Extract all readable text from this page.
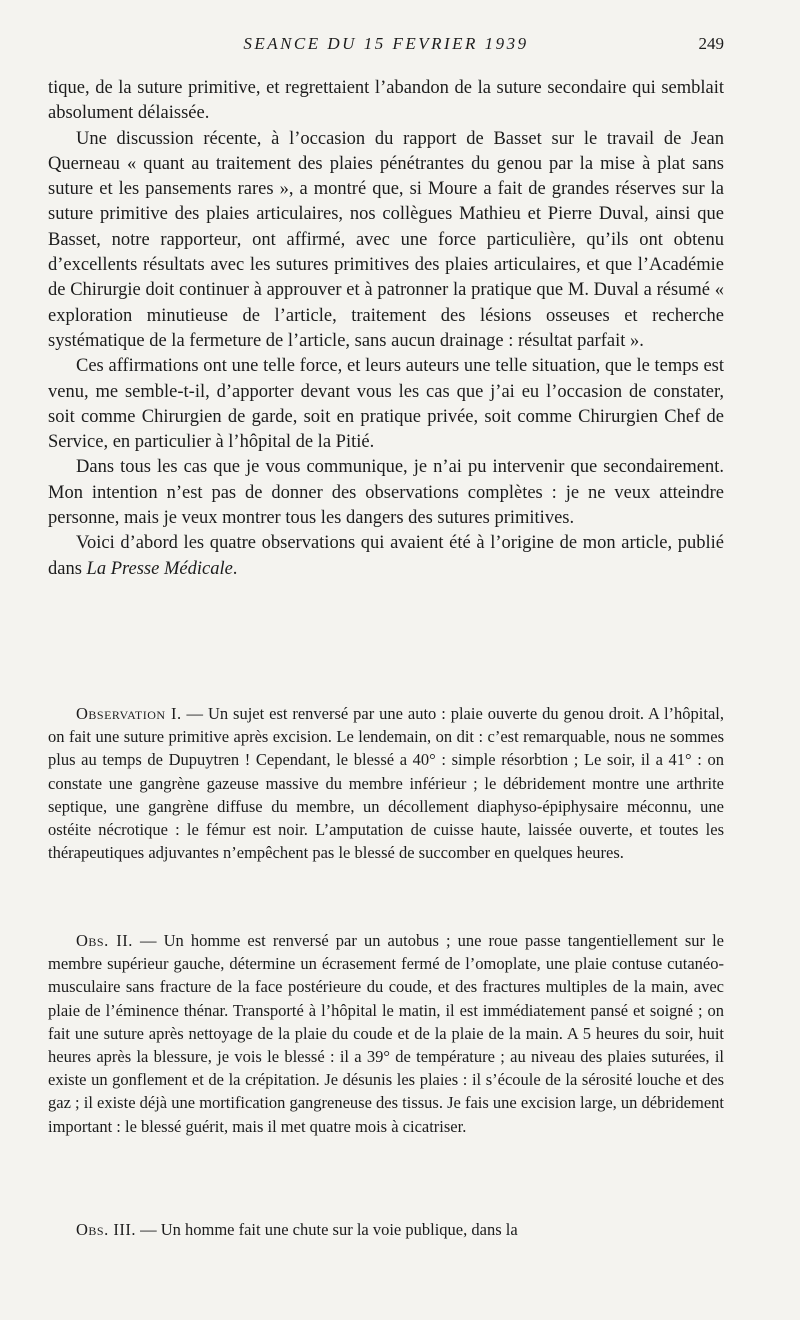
SEANCE DU 15 FEVRIER 1939	249

tique, de la suture primitive, et regrettaient l’abandon de la suture secondaire qui semblait absolument délaissée.

Une discussion récente, à l’occasion du rapport de Basset sur le travail de Jean Querneau « quant au traitement des plaies pénétrantes du genou par la mise à plat sans suture et les pansements rares », a montré que, si Moure a fait de grandes réserves sur la suture primitive des plaies articulaires, nos collègues Mathieu et Pierre Duval, ainsi que Basset, notre rapporteur, ont affirmé, avec une force particulière, qu’ils ont obtenu d’excellents résultats avec les sutures primitives des plaies articulaires, et que l’Académie de Chirurgie doit continuer à approuver et à patronner la pratique que M. Duval a résumé « exploration minutieuse de l’article, traitement des lésions osseuses et recherche systématique de la fermeture de l’article, sans aucun drainage : résultat parfait ».

Ces affirmations ont une telle force, et leurs auteurs une telle situation, que le temps est venu, me semble-t-il, d’apporter devant vous les cas que j’ai eu l’occasion de constater, soit comme Chirurgien de garde, soit en pratique privée, soit comme Chirurgien Chef de Service, en particulier à l’hôpital de la Pitié.

Dans tous les cas que je vous communique, je n’ai pu intervenir que secondairement. Mon intention n’est pas de donner des observations complètes : je ne veux atteindre personne, mais je veux montrer tous les dangers des sutures primitives.

Voici d’abord les quatre observations qui avaient été à l’origine de mon article, publié dans La Presse Médicale.

Observation I. — Un sujet est renversé par une auto : plaie ouverte du genou droit. A l’hôpital, on fait une suture primitive après excision. Le lendemain, on dit : c’est remarquable, nous ne sommes plus au temps de Dupuytren ! Cependant, le blessé a 40° : simple résorbtion ; Le soir, il a 41° : on constate une gangrène gazeuse massive du membre inférieur ; le débridement montre une arthrite septique, une gangrène diffuse du membre, un décollement diaphyso-épiphysaire méconnu, une ostéite nécrotique : le fémur est noir. L’amputation de cuisse haute, laissée ouverte, et toutes les thérapeutiques adjuvantes n’empêchent pas le blessé de succomber en quelques heures.

Obs. II. — Un homme est renversé par un autobus ; une roue passe tangentiellement sur le membre supérieur gauche, détermine un écrasement fermé de l’omoplate, une plaie contuse cutanéo-musculaire sans fracture de la face postérieure du coude, et des fractures multiples de la main, avec plaie de l’éminence thénar. Transporté à l’hôpital le matin, il est immédiatement pansé et soigné ; on fait une suture après nettoyage de la plaie du coude et de la plaie de la main. A 5 heures du soir, huit heures après la blessure, je vois le blessé : il a 39° de température ; au niveau des plaies suturées, il existe un gonflement et de la crépitation. Je désunis les plaies : il s’écoule de la sérosité louche et des gaz ; il existe déjà une mortification gangreneuse des tissus. Je fais une excision large, un débridement important : le blessé guérit, mais il met quatre mois à cicatriser.

Obs. III. — Un homme fait une chute sur la voie publique, dans la
